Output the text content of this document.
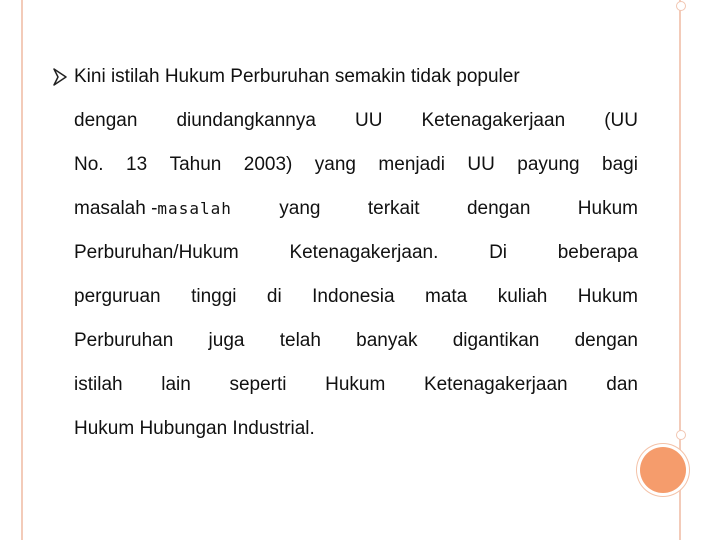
Kini istilah Hukum Perburuhan semakin tidak populer
dengan diundangkannya UU Ketenagakerjaan (UU
No. 13 Tahun 2003) yang menjadi UU payung bagi
masalah -masalah yang terkait dengan Hukum
Perburuhan/Hukum	Ketenagakerjaan.	Di	beberapa
perguruan tinggi di Indonesia mata kuliah Hukum
Perburuhan juga telah banyak digantikan dengan
istilah lain seperti Hukum Ketenagakerjaan dan
Hukum Hubungan Industrial.
